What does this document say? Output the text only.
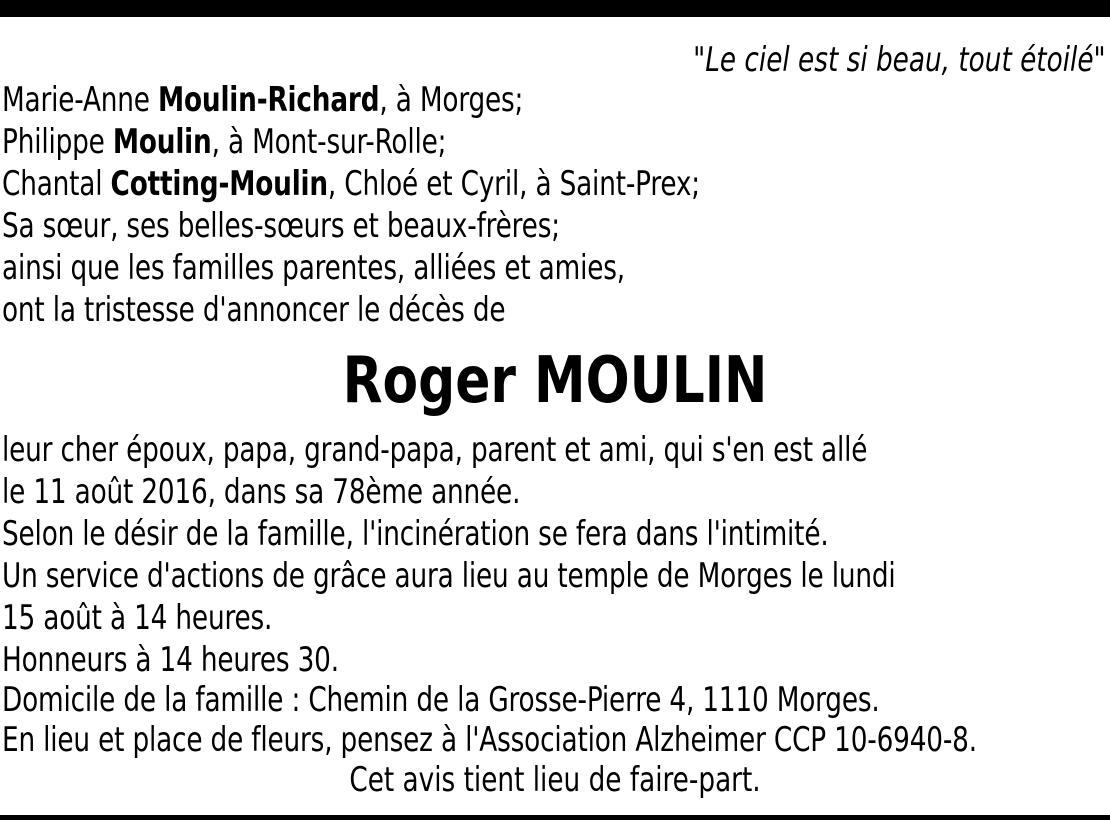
"Le ciel est si beau, tout étoilé"
Marie-Anne Moulin-Richard, à Morges;
Philippe Moulin, à Mont-sur-Rolle;
Chantal Cotting-Moulin, Chloé et Cyril, à Saint-Prex;
Sa sœur, ses belles-sœurs et beaux-frères;
ainsi que les familles parentes, alliées et amies,
ont la tristesse d'annoncer le décès de
Roger MOULIN
leur cher époux, papa, grand-papa, parent et ami, qui s'en est allé
le 11 août 2016, dans sa 78ème année.
Selon le désir de la famille, l'incinération se fera dans l'intimité.
Un service d'actions de grâce aura lieu au temple de Morges le lundi
15 août à 14 heures.
Honneurs à 14 heures 30.
Domicile de la famille : Chemin de la Grosse-Pierre 4, 1110 Morges.
En lieu et place de fleurs, pensez à l'Association Alzheimer CCP 10-6940-8.
Cet avis tient lieu de faire-part.
